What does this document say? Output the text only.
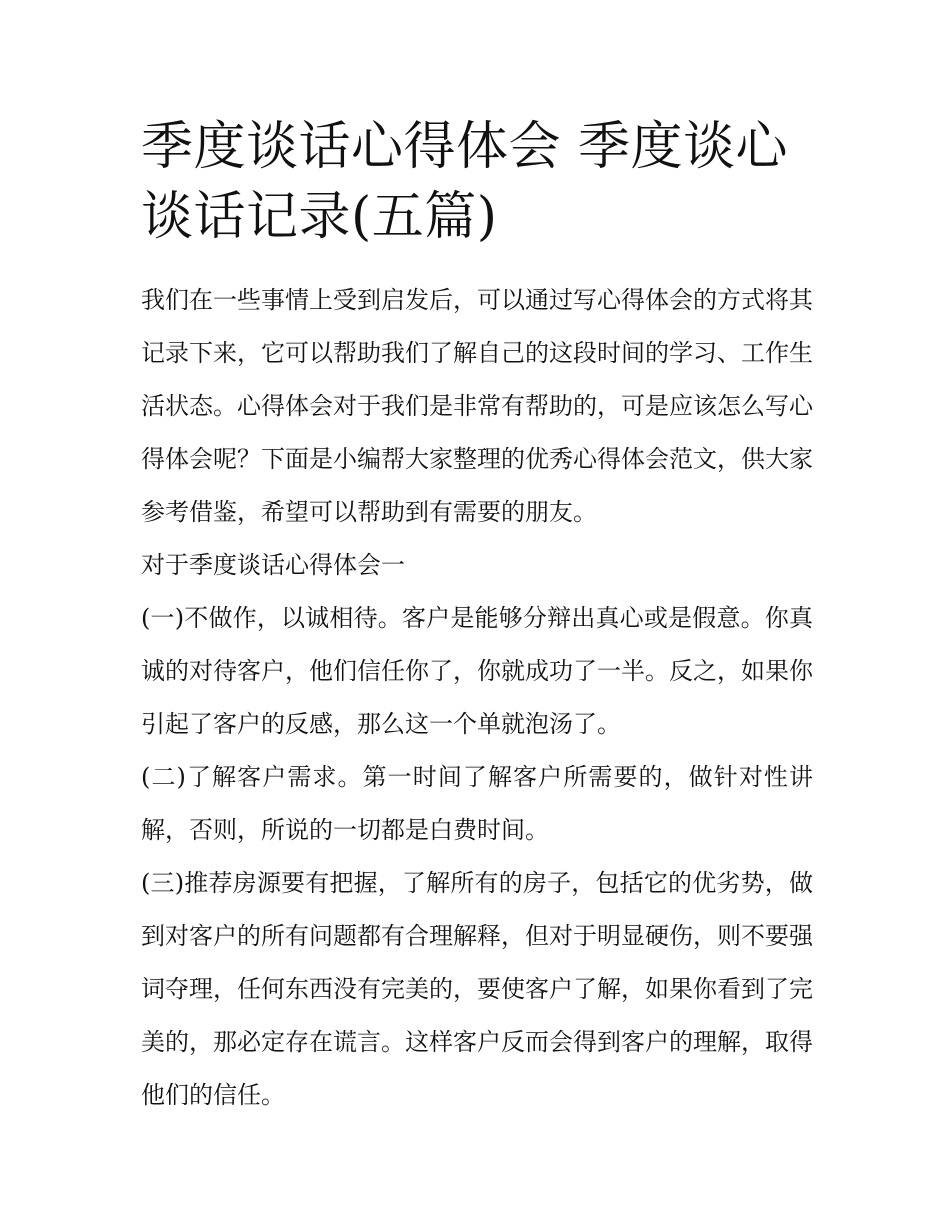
季度谈话心得体会 季度谈心谈话记录(五篇)

我们在一些事情上受到启发后，可以通过写心得体会的方式将其记录下来，它可以帮助我们了解自己的这段时间的学习、工作生活状态。心得体会对于我们是非常有帮助的，可是应该怎么写心得体会呢？下面是小编帮大家整理的优秀心得体会范文，供大家参考借鉴，希望可以帮助到有需要的朋友。

对于季度谈话心得体会一

(一)不做作，以诚相待。客户是能够分辩出真心或是假意。你真诚的对待客户，他们信任你了，你就成功了一半。反之，如果你引起了客户的反感，那么这一个单就泡汤了。

(二)了解客户需求。第一时间了解客户所需要的，做针对性讲解，否则，所说的一切都是白费时间。

(三)推荐房源要有把握，了解所有的房子，包括它的优劣势，做到对客户的所有问题都有合理解释，但对于明显硬伤，则不要强词夺理，任何东西没有完美的，要使客户了解，如果你看到了完美的，那必定存在谎言。这样客户反而会得到客户的理解，取得他们的信任。
